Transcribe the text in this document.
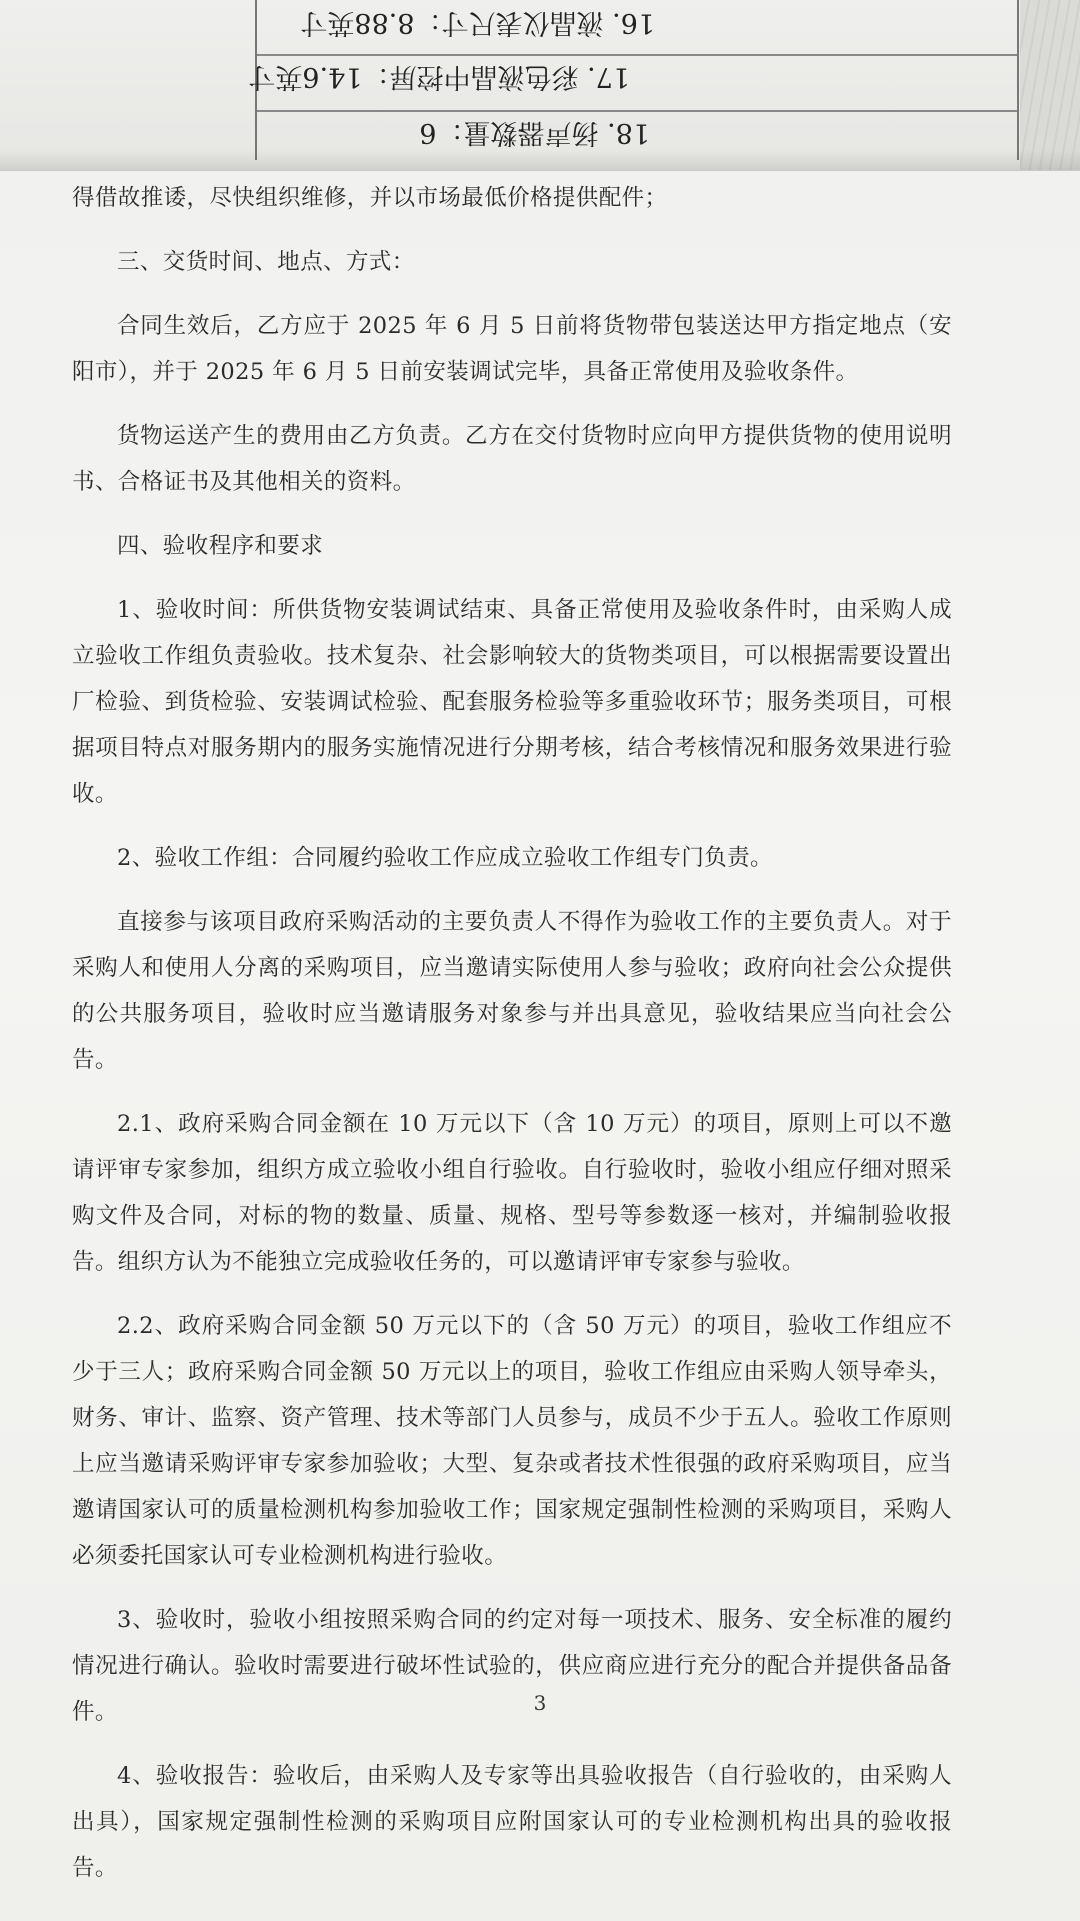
16. 液晶仪表尺寸：8.88英寸
17. 彩色液晶中控屏：14.6英寸
18. 扬声器数量：6

得借故推诿，尽快组织维修，并以市场最低价格提供配件；

三、交货时间、地点、方式：

合同生效后，乙方应于 2025 年 6 月 5 日前将货物带包装送达甲方指定地点（安阳市），并于 2025 年 6 月 5 日前安装调试完毕，具备正常使用及验收条件。

货物运送产生的费用由乙方负责。乙方在交付货物时应向甲方提供货物的使用说明书、合格证书及其他相关的资料。

四、验收程序和要求

1、验收时间：所供货物安装调试结束、具备正常使用及验收条件时，由采购人成立验收工作组负责验收。技术复杂、社会影响较大的货物类项目，可以根据需要设置出厂检验、到货检验、安装调试检验、配套服务检验等多重验收环节；服务类项目，可根据项目特点对服务期内的服务实施情况进行分期考核，结合考核情况和服务效果进行验收。

2、验收工作组：合同履约验收工作应成立验收工作组专门负责。

直接参与该项目政府采购活动的主要负责人不得作为验收工作的主要负责人。对于采购人和使用人分离的采购项目，应当邀请实际使用人参与验收；政府向社会公众提供的公共服务项目，验收时应当邀请服务对象参与并出具意见，验收结果应当向社会公告。

2.1、政府采购合同金额在 10 万元以下（含 10 万元）的项目，原则上可以不邀请评审专家参加，组织方成立验收小组自行验收。自行验收时，验收小组应仔细对照采购文件及合同，对标的物的数量、质量、规格、型号等参数逐一核对，并编制验收报告。组织方认为不能独立完成验收任务的，可以邀请评审专家参与验收。

2.2、政府采购合同金额 50 万元以下的（含 50 万元）的项目，验收工作组应不少于三人；政府采购合同金额 50 万元以上的项目，验收工作组应由采购人领导牵头，财务、审计、监察、资产管理、技术等部门人员参与，成员不少于五人。验收工作原则上应当邀请采购评审专家参加验收；大型、复杂或者技术性很强的政府采购项目，应当邀请国家认可的质量检测机构参加验收工作；国家规定强制性检测的采购项目，采购人必须委托国家认可专业检测机构进行验收。

3、验收时，验收小组按照采购合同的约定对每一项技术、服务、安全标准的履约情况进行确认。验收时需要进行破坏性试验的，供应商应进行充分的配合并提供备品备件。

4、验收报告：验收后，由采购人及专家等出具验收报告（自行验收的，由采购人出具），国家规定强制性检测的采购项目应附国家认可的专业检测机构出具的验收报告。

3
